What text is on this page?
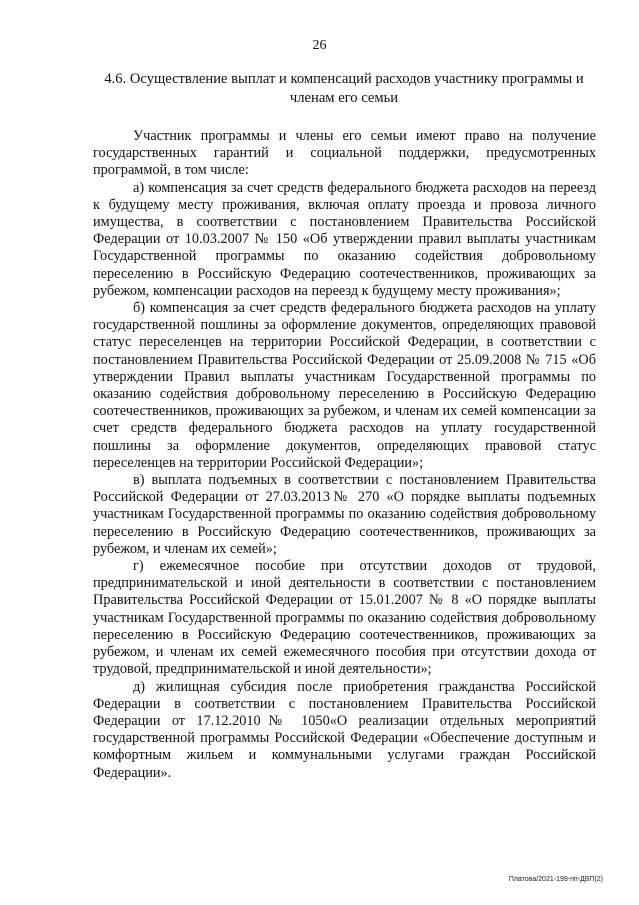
26
4.6. Осуществление выплат и компенсаций расходов участнику программы и членам его семьи

Участник программы и члены его семьи имеют право на получение государственных гарантий и социальной поддержки, предусмотренных программой, в том числе:

а) компенсация за счет средств федерального бюджета расходов на переезд к будущему месту проживания, включая оплату проезда и провоза личного имущества, в соответствии с постановлением Правительства Российской Федерации от 10.03.2007 № 150 «Об утверждении правил выплаты участникам Государственной программы по оказанию содействия добровольному переселению в Российскую Федерацию соотечественников, проживающих за рубежом, компенсации расходов на переезд к будущему месту проживания»;

б) компенсация за счет средств федерального бюджета расходов на уплату государственной пошлины за оформление документов, определяющих правовой статус переселенцев на территории Российской Федерации, в соответствии с постановлением Правительства Российской Федерации от 25.09.2008 № 715 «Об утверждении Правил выплаты участникам Государственной программы по оказанию содействия добровольному переселению в Российскую Федерацию соотечественников, проживающих за рубежом, и членам их семей компенсации за счет средств федерального бюджета расходов на уплату государственной пошлины за оформление документов, определяющих правовой статус переселенцев на территории Российской Федерации»;

в) выплата подъемных в соответствии с постановлением Правительства Российской Федерации от 27.03.2013№ 270 «О порядке выплаты подъемных участникам Государственной программы по оказанию содействия добровольному переселению в Российскую Федерацию соотечественников, проживающих за рубежом, и членам их семей»;

г) ежемесячное пособие при отсутствии доходов от трудовой, предпринимательской и иной деятельности в соответствии с постановлением Правительства Российской Федерации от 15.01.2007 № 8 «О порядке выплаты участникам Государственной программы по оказанию содействия добровольному переселению в Российскую Федерацию соотечественников, проживающих за рубежом, и членам их семей ежемесячного пособия при отсутствии дохода от трудовой, предпринимательской и иной деятельности»;

д) жилищная субсидия после приобретения гражданства Российской Федерации в соответствии с постановлением Правительства Российской Федерации от 17.12.2010№ 1050«О реализации отдельных мероприятий государственной программы Российской Федерации «Обеспечение доступным и комфортным жильем и коммунальными услугами граждан Российской Федерации».

Платова/2021-199-пп-ДВП(2)
